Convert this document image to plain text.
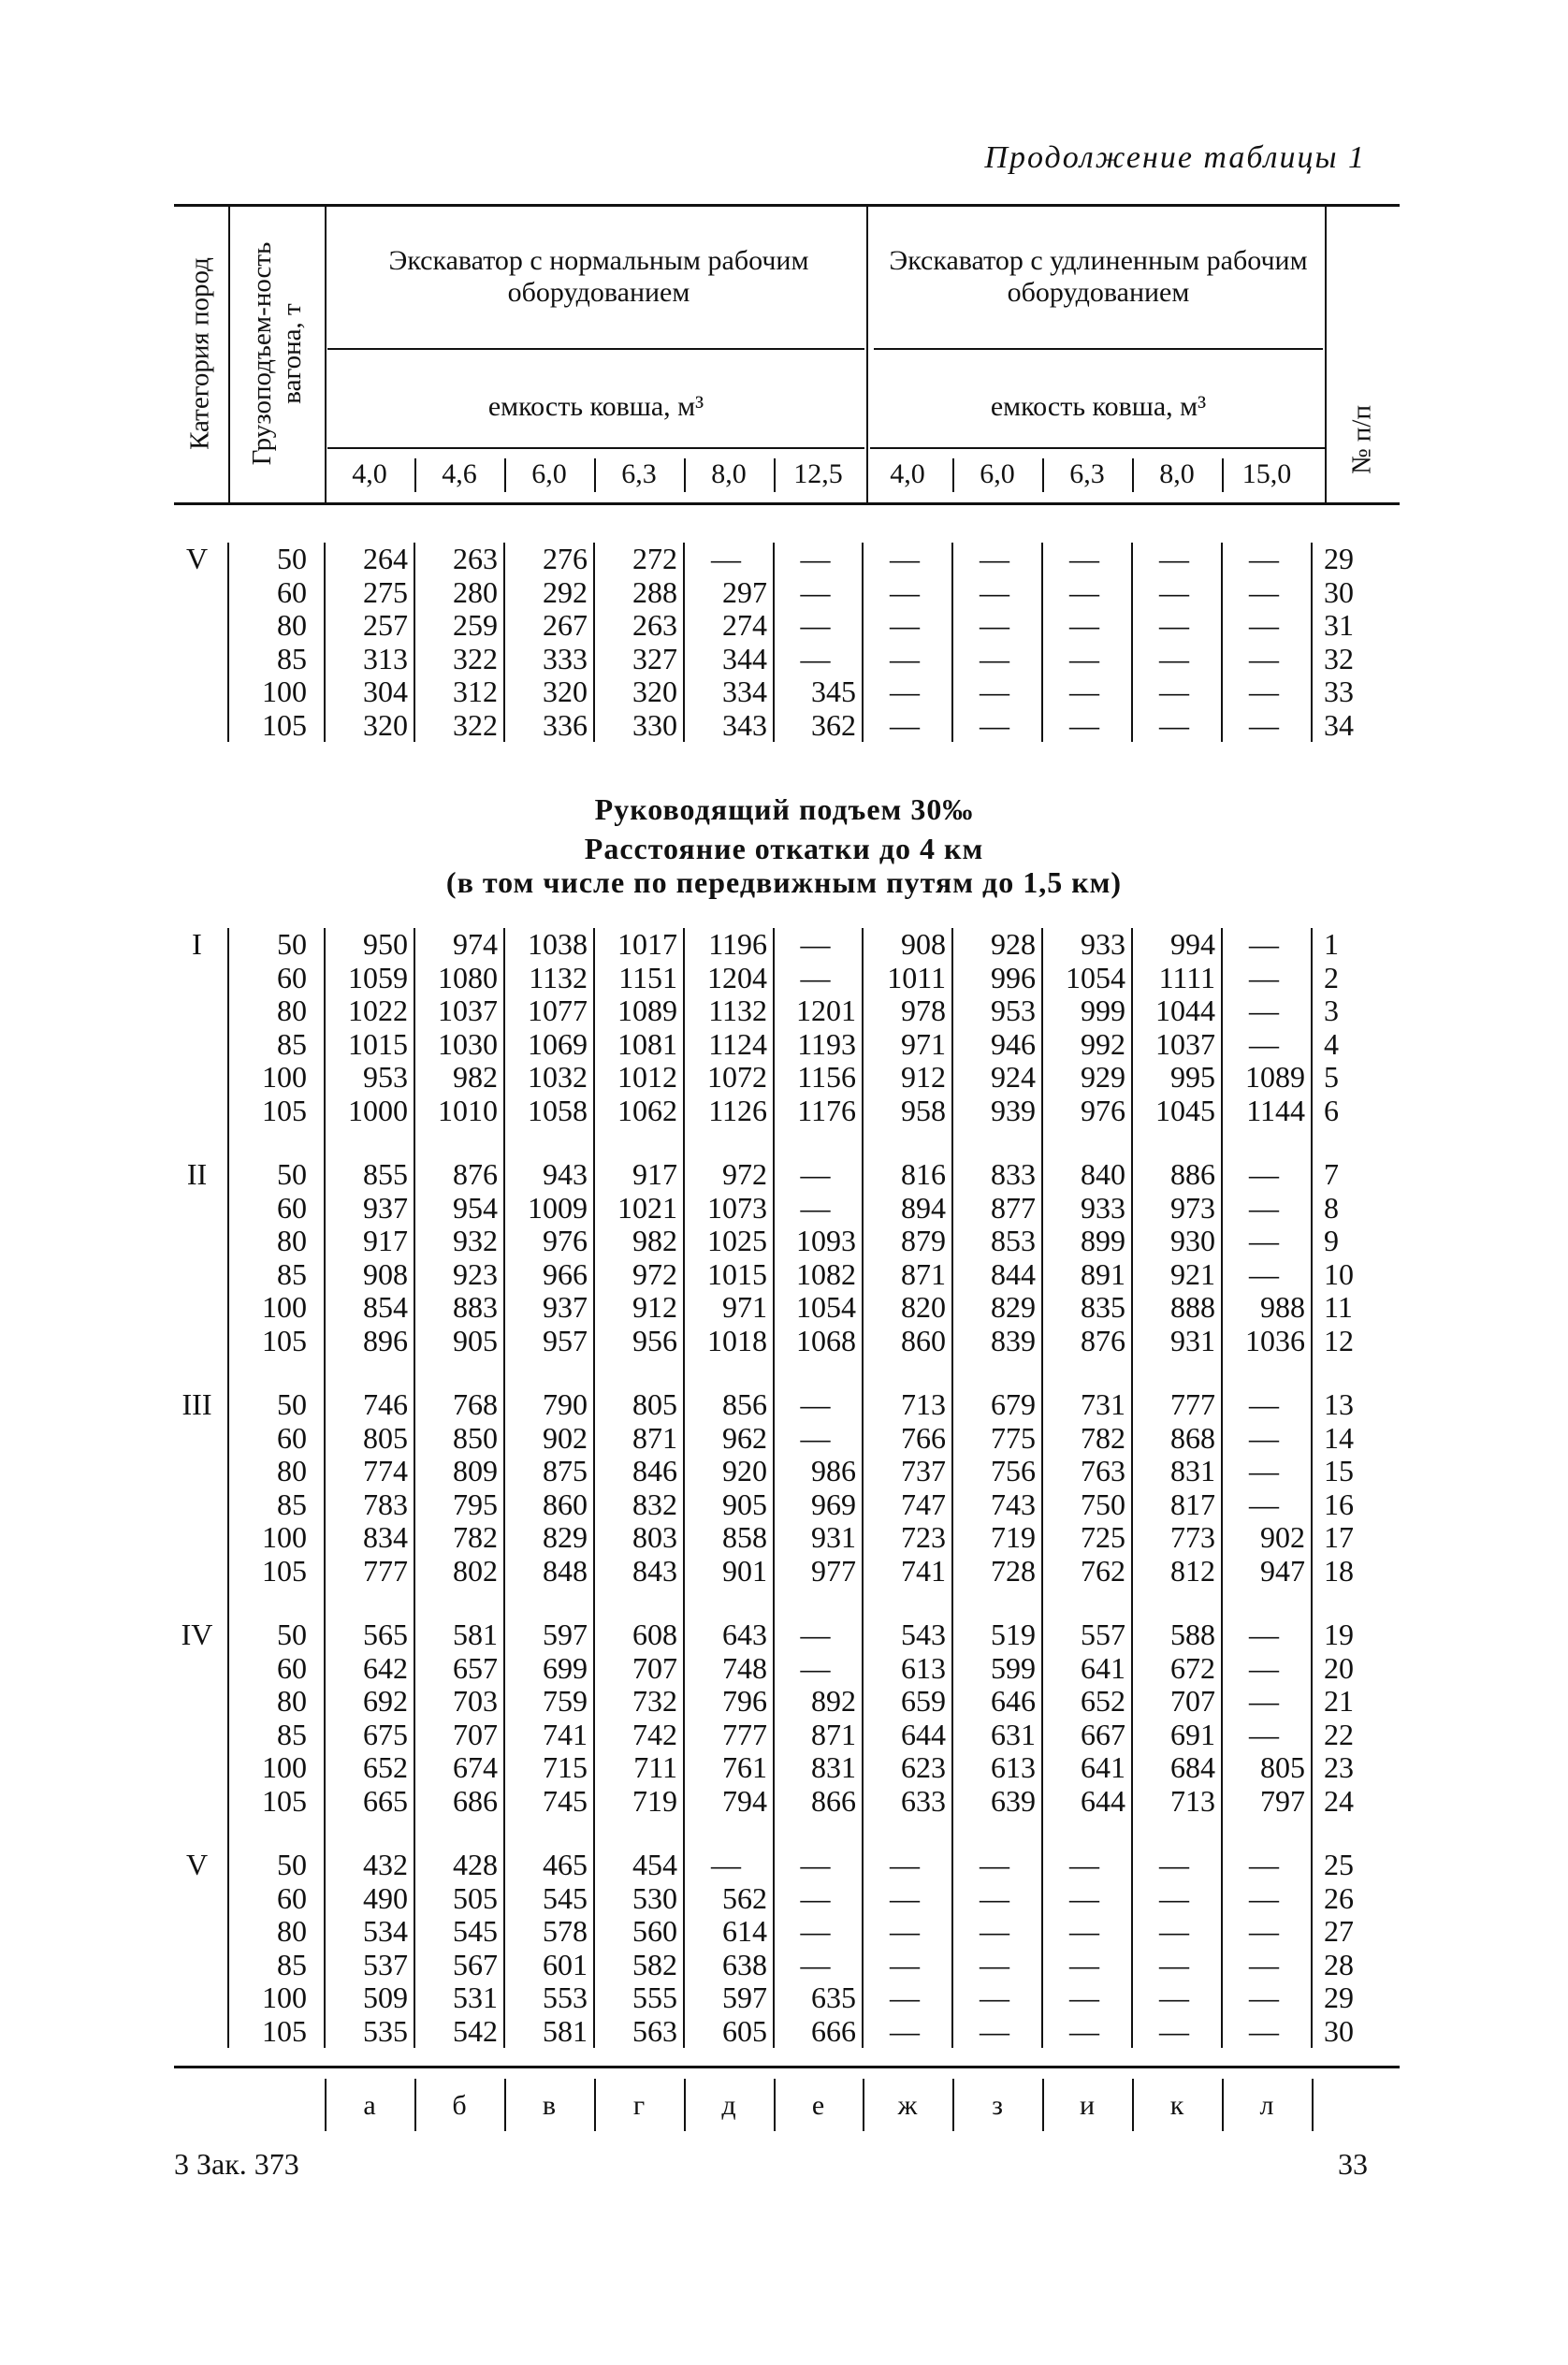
Продолжение таблицы 1
Экскаватор с нормальным рабочим оборудованием
Экскаватор с удлиненным рабочим оборудованием
емкость ковша, м³	емкость ковша, м³
4,0	4,6	6,0	6,3	8,0	12,5	4,0	6,0	6,3	8,0	15,0
Категория пород Грузоподъем-ность вагона, т
№ п/п
V	50	264	263	276	272	—	—	—	—	—	—	—	29
	60	275	280	292	288	297	—	—	—	—	—	—	30
	80	257	259	267	263	274	—	—	—	—	—	—	31
	85	313	322	333	327	344	—	—	—	—	—	—	32
	100	304	312	320	320	334	345	—	—	—	—	—	33
	105	320	322	336	330	343	362	—	—	—	—	—	34
Руководящий подъем 30‰
Расстояние откатки до 4 км
(в том числе по передвижным путям до 1,5 км)
I	50	950	974	1038	1017	1196	—	908	928	933	994	—	1
	60	1059	1080	1132	1151	1204	—	1011	996	1054	1111	—	2
	80	1022	1037	1077	1089	1132	1201	978	953	999	1044	—	3
	85	1015	1030	1069	1081	1124	1193	971	946	992	1037	—	4
	100	953	982	1032	1012	1072	1156	912	924	929	995	1089	5
	105	1000	1010	1058	1062	1126	1176	958	939	976	1045	1144	6

II	50	855	876	943	917	972	—	816	833	840	886	—	7
	60	937	954	1009	1021	1073	—	894	877	933	973	—	8
	80	917	932	976	982	1025	1093	879	853	899	930	—	9
	85	908	923	966	972	1015	1082	871	844	891	921	—	10
	100	854	883	937	912	971	1054	820	829	835	888	988	11
	105	896	905	957	956	1018	1068	860	839	876	931	1036	12

III	50	746	768	790	805	856	—	713	679	731	777	—	13
	60	805	850	902	871	962	—	766	775	782	868	—	14
	80	774	809	875	846	920	986	737	756	763	831	—	15
	85	783	795	860	832	905	969	747	743	750	817	—	16
	100	834	782	829	803	858	931	723	719	725	773	902	17
	105	777	802	848	843	901	977	741	728	762	812	947	18

IV	50	565	581	597	608	643	—	543	519	557	588	—	19
	60	642	657	699	707	748	—	613	599	641	672	—	20
	80	692	703	759	732	796	892	659	646	652	707	—	21
	85	675	707	741	742	777	871	644	631	667	691	—	22
	100	652	674	715	711	761	831	623	613	641	684	805	23
	105	665	686	745	719	794	866	633	639	644	713	797	24

V	50	432	428	465	454	—	—	—	—	—	—	—	25
	60	490	505	545	530	562	—	—	—	—	—	—	26
	80	534	545	578	560	614	—	—	—	—	—	—	27
	85	537	567	601	582	638	—	—	—	—	—	—	28
	100	509	531	553	555	597	635	—	—	—	—	—	29
	105	535	542	581	563	605	666	—	—	—	—	—	30
а	б	в	г	д	е	ж	з	и	к	л
3 Зак. 373	33
